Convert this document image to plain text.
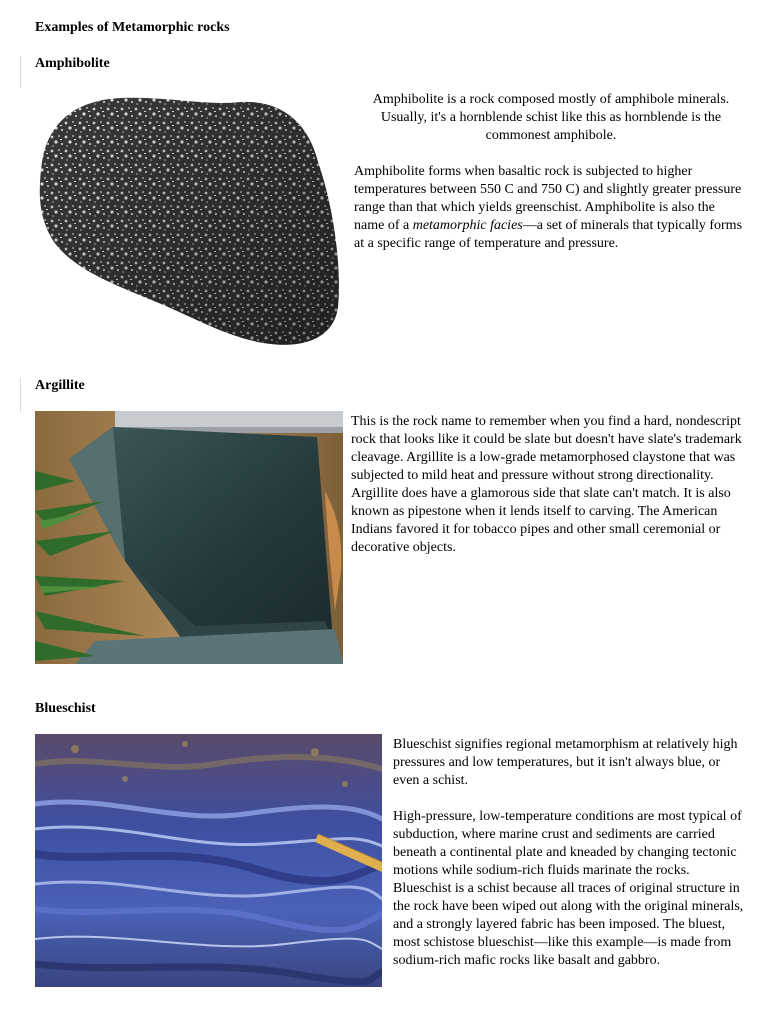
Examples of Metamorphic rocks
Amphibolite

Amphibolite is a rock composed mostly of amphibole minerals. Usually, it's a hornblende schist like this as hornblende is the commonest amphibole.

Amphibolite forms when basaltic rock is subjected to higher temperatures between 550 C and 750 C) and slightly greater pressure range than that which yields greenschist. Amphibolite is also the name of a metamorphic facies—a set of minerals that typically forms at a specific range of temperature and pressure.

Argillite

This is the rock name to remember when you find a hard, nondescript rock that looks like it could be slate but doesn't have slate's trademark cleavage. Argillite is a low-grade metamorphosed claystone that was subjected to mild heat and pressure without strong directionality. Argillite does have a glamorous side that slate can't match. It is also known as pipestone when it lends itself to carving. The American Indians favored it for tobacco pipes and other small ceremonial or decorative objects.

Blueschist

Blueschist signifies regional metamorphism at relatively high pressures and low temperatures, but it isn't always blue, or even a schist.

High-pressure, low-temperature conditions are most typical of subduction, where marine crust and sediments are carried beneath a continental plate and kneaded by changing tectonic motions while sodium-rich fluids marinate the rocks. Blueschist is a schist because all traces of original structure in the rock have been wiped out along with the original minerals, and a strongly layered fabric has been imposed. The bluest, most schistose blueschist—like this example—is made from sodium-rich mafic rocks like basalt and gabbro.
